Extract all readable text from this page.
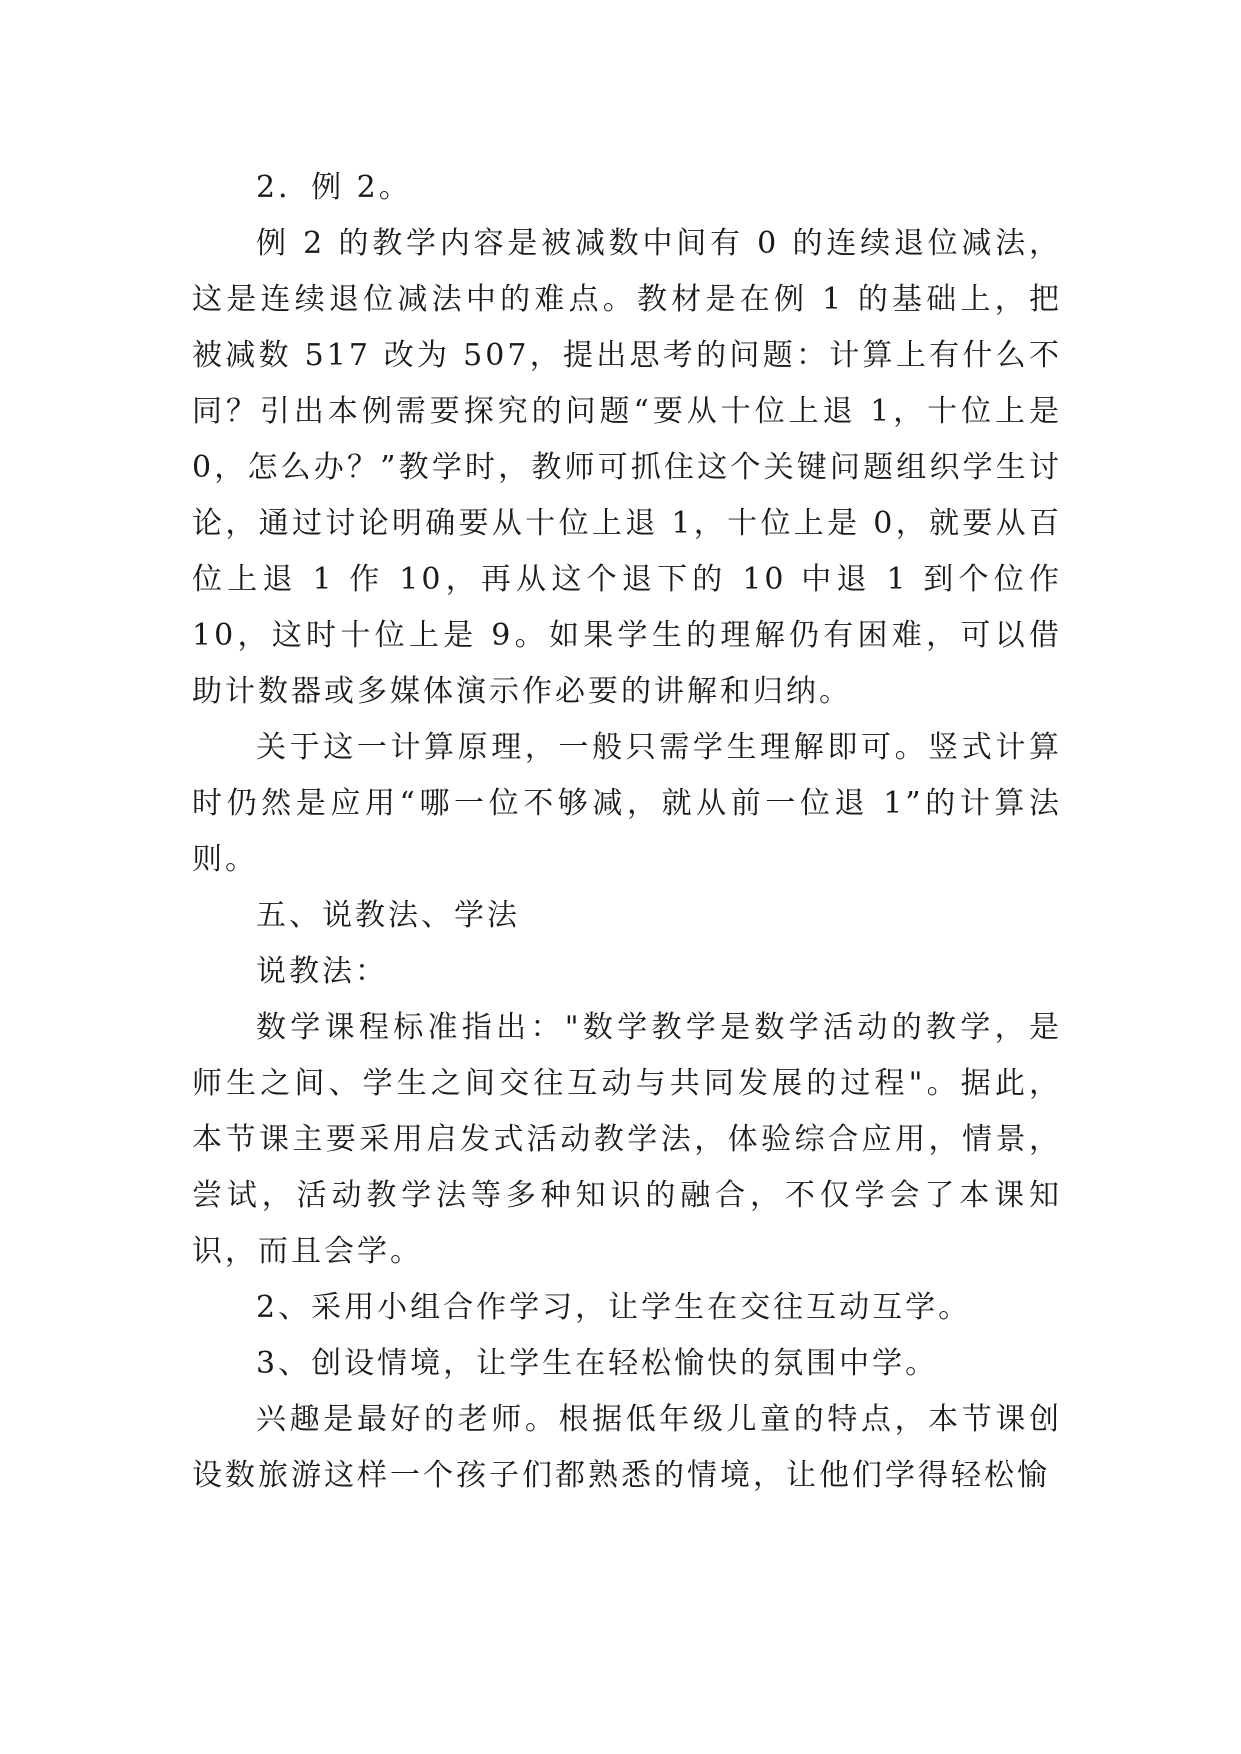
2．例 2。

例 2 的教学内容是被减数中间有 0 的连续退位减法，这是连续退位减法中的难点。教材是在例 1 的基础上，把被减数 517 改为 507，提出思考的问题：计算上有什么不同？引出本例需要探究的问题“要从十位上退 1，十位上是 0，怎么办？”教学时，教师可抓住这个关键问题组织学生讨论，通过讨论明确要从十位上退 1，十位上是 0，就要从百位上退 1 作 10，再从这个退下的 10 中退 1 到个位作 10，这时十位上是 9。如果学生的理解仍有困难，可以借助计数器或多媒体演示作必要的讲解和归纳。

关于这一计算原理，一般只需学生理解即可。竖式计算时仍然是应用“哪一位不够减，就从前一位退 1”的计算法则。

五、说教法、学法

说教法：

数学课程标准指出："数学教学是数学活动的教学，是师生之间、学生之间交往互动与共同发展的过程"。据此，本节课主要采用启发式活动教学法，体验综合应用，情景，尝试，活动教学法等多种知识的融合，不仅学会了本课知识，而且会学。

2、采用小组合作学习，让学生在交往互动互学。

3、创设情境，让学生在轻松愉快的氛围中学。

兴趣是最好的老师。根据低年级儿童的特点，本节课创设数旅游这样一个孩子们都熟悉的情境，让他们学得轻松愉
